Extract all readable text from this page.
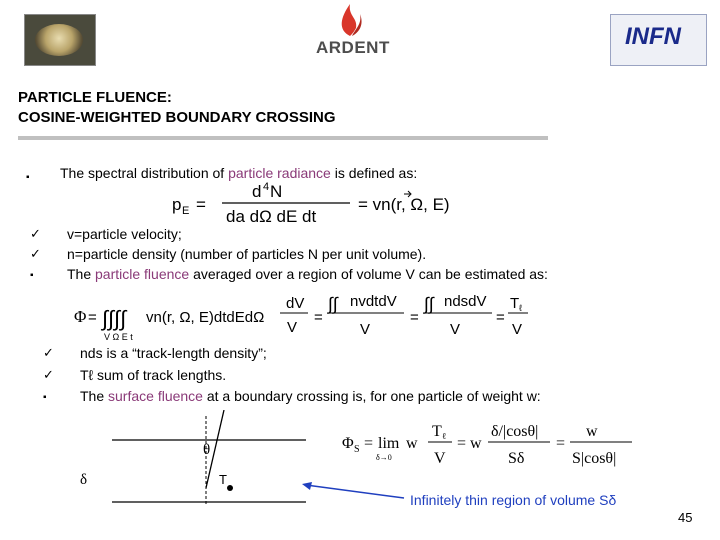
ARDENT	INFN
PARTICLE FLUENCE:
COSINE-WEIGHTED BOUNDARY CROSSING
▪ The spectral distribution of particle radiance is defined as:
p E =
d 4 N
da dΩ dE dt
= vn(r, Ω, E)
✓ v=particle velocity;
✓ n=particle density (number of particles N per unit volume).
▪ The particle fluence averaged over a region of volume V can be estimated as:
Φ = ∫∫∫∫
V Ω E t
vn(r, Ω, E)dtdEdΩ
dV
V
=
∫∫ nvdtdV
V
=
∫∫ ndsdV
V
=
T ℓ
V
✓ nds is a “track-length density”;
✓ Tℓ sum of track lengths.
▪ The surface fluence at a boundary crossing is, for one particle of weight w:
θ
δ	T
Φ S = lim
δ→0
w
T ℓ
V
= w
δ/|cosθ|
Sδ
=
w
S|cosθ|
Infinitely thin region of volume Sδ
45
